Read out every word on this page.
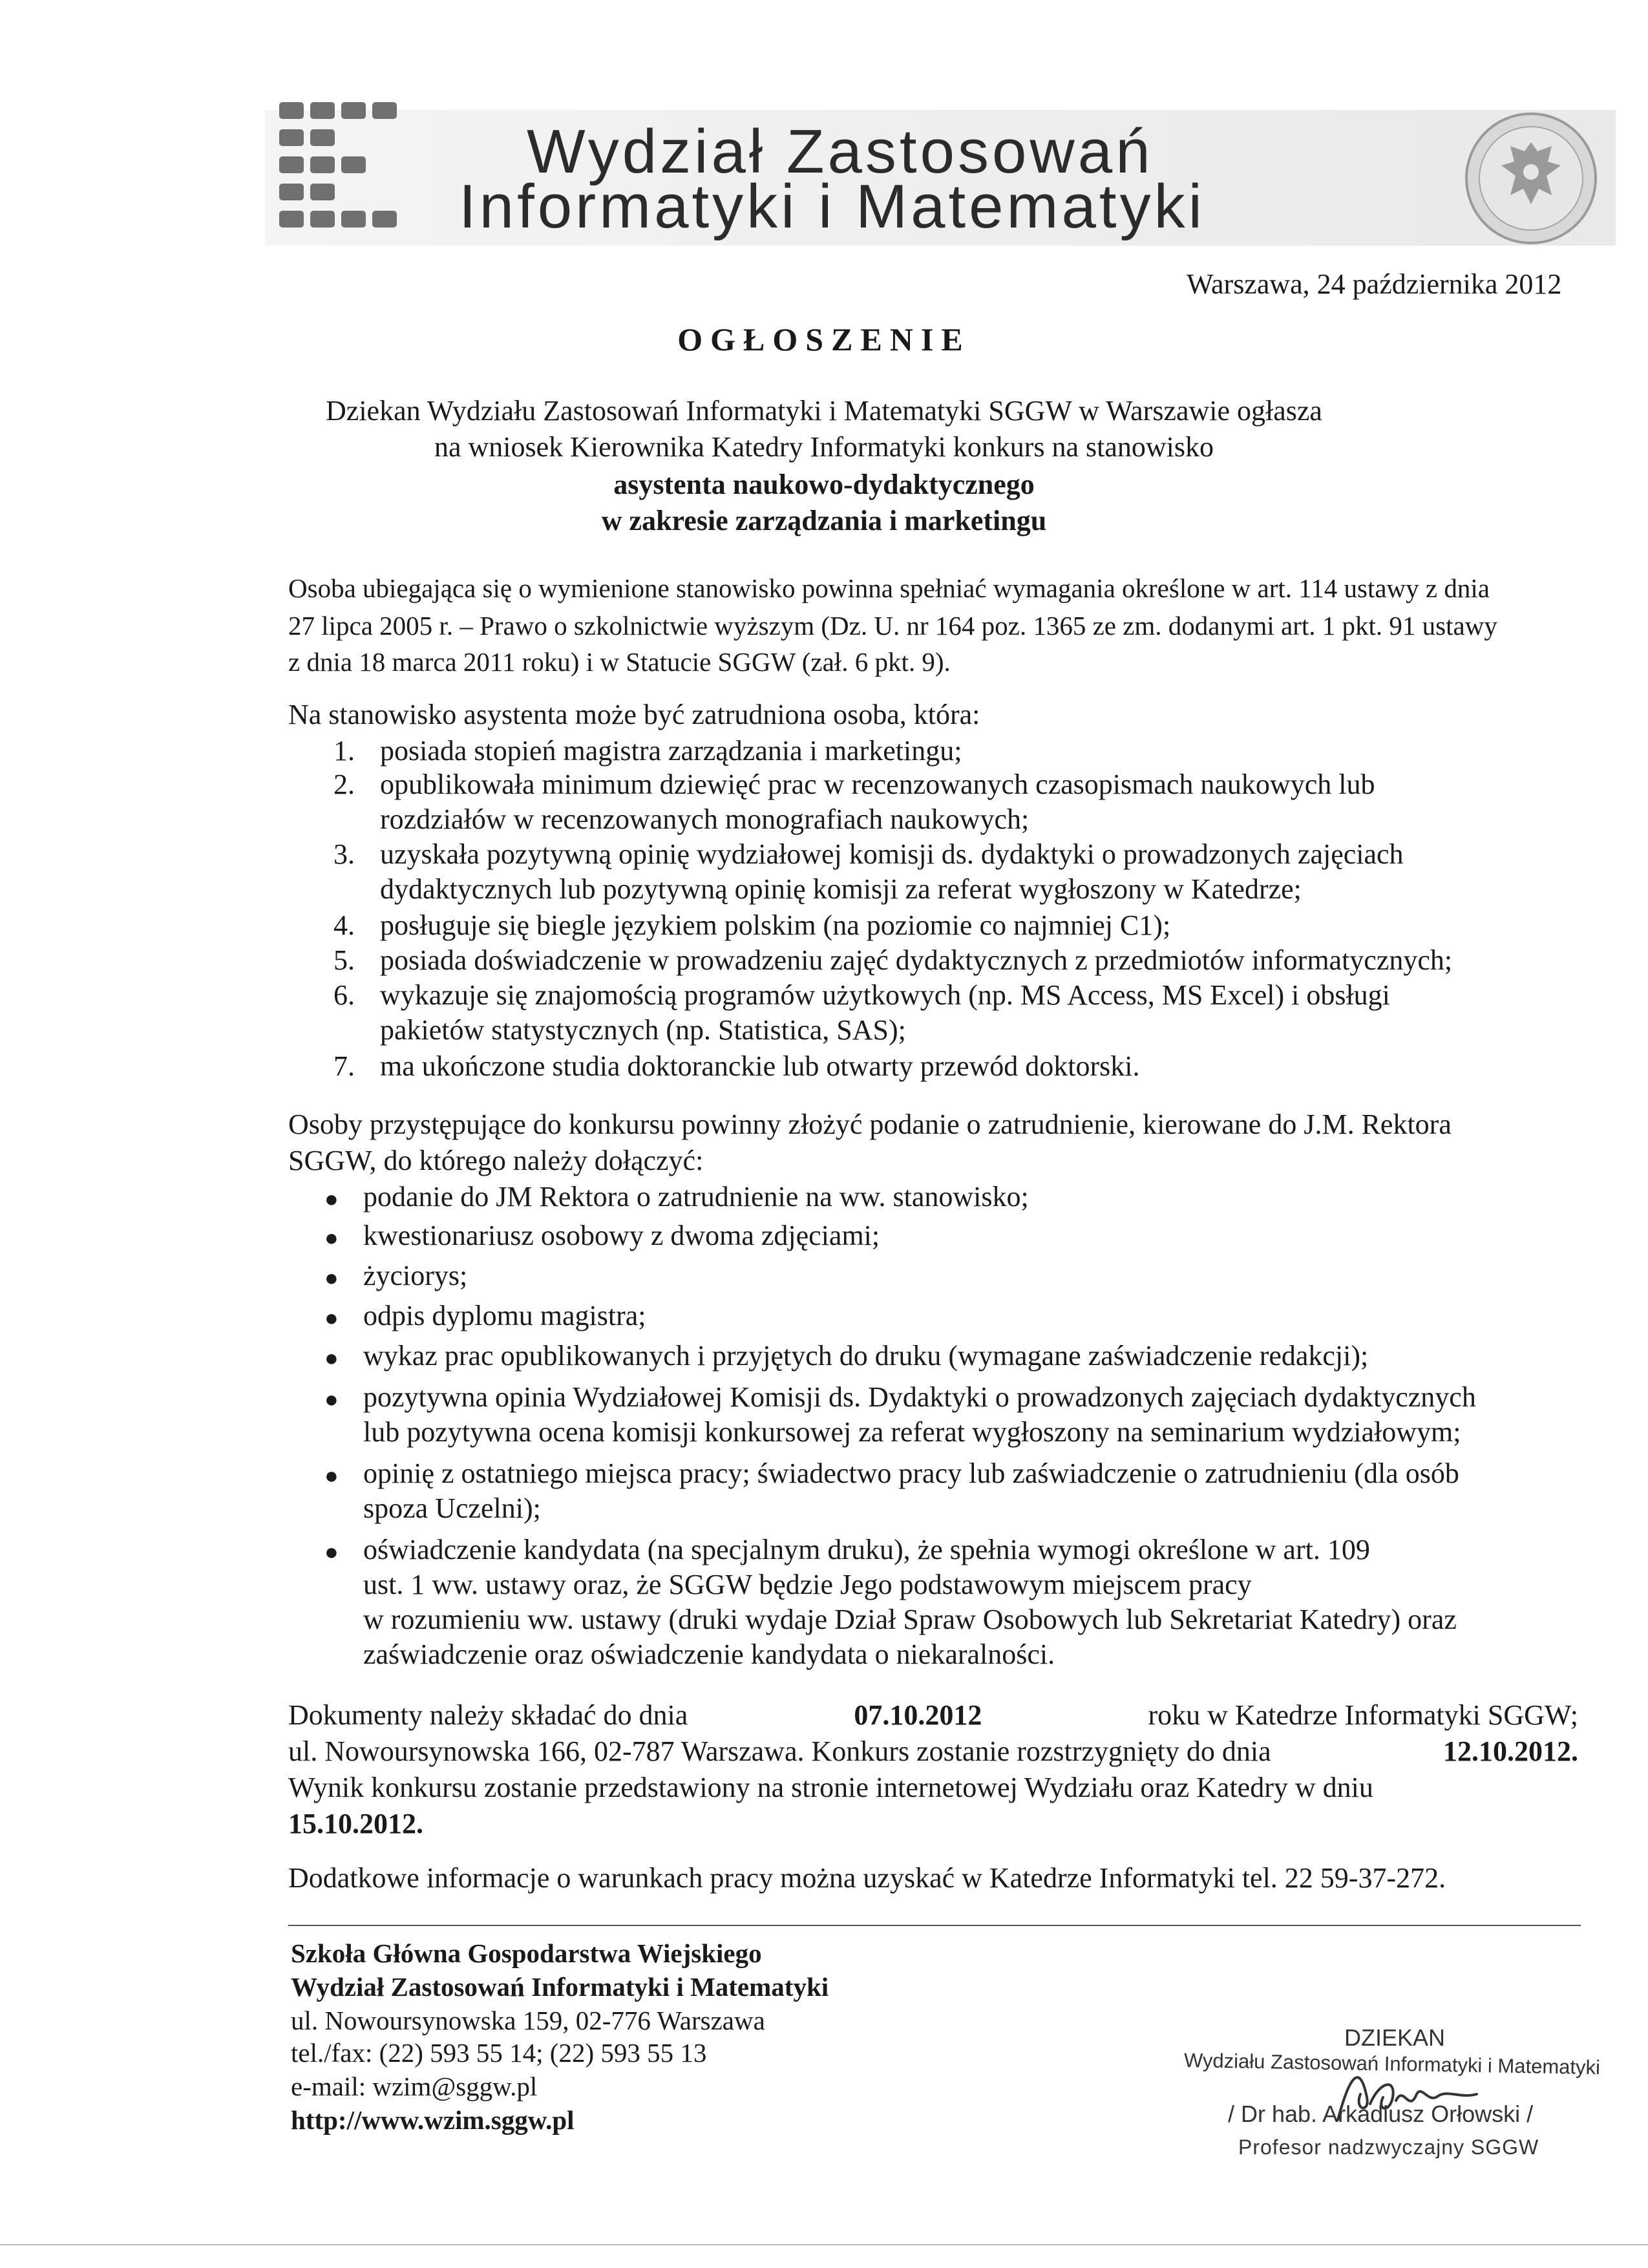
Wydział Zastosowań
Informatyki i Matematyki
Warszawa, 24 października 2012
OGŁOSZENIE
Dziekan Wydziału Zastosowań Informatyki i Matematyki SGGW w Warszawie ogłasza
na wniosek Kierownika Katedry Informatyki konkurs na stanowisko
asystenta naukowo-dydaktycznego
w zakresie zarządzania i marketingu
Osoba ubiegająca się o wymienione stanowisko powinna spełniać wymagania określone w art. 114 ustawy z dnia
27 lipca 2005 r. – Prawo o szkolnictwie wyższym (Dz. U. nr 164 poz. 1365 ze zm. dodanymi art. 1 pkt. 91 ustawy
z dnia 18 marca 2011 roku) i w Statucie SGGW (zał. 6 pkt. 9).
Na stanowisko asystenta może być zatrudniona osoba, która:
1. posiada stopień magistra zarządzania i marketingu;
2. opublikowała minimum dziewięć prac w recenzowanych czasopismach naukowych lub
rozdziałów w recenzowanych monografiach naukowych;
3. uzyskała pozytywną opinię wydziałowej komisji ds. dydaktyki o prowadzonych zajęciach
dydaktycznych lub pozytywną opinię komisji za referat wygłoszony w Katedrze;
4. posługuje się biegle językiem polskim (na poziomie co najmniej C1);
5. posiada doświadczenie w prowadzeniu zajęć dydaktycznych z przedmiotów informatycznych;
6. wykazuje się znajomością programów użytkowych (np. MS Access, MS Excel) i obsługi
pakietów statystycznych (np. Statistica, SAS);
7. ma ukończone studia doktoranckie lub otwarty przewód doktorski.
Osoby przystępujące do konkursu powinny złożyć podanie o zatrudnienie, kierowane do J.M. Rektora
SGGW, do którego należy dołączyć:
● podanie do JM Rektora o zatrudnienie na ww. stanowisko;
● kwestionariusz osobowy z dwoma zdjęciami;
● życiorys;
● odpis dyplomu magistra;
● wykaz prac opublikowanych i przyjętych do druku (wymagane zaświadczenie redakcji);
● pozytywna opinia Wydziałowej Komisji ds. Dydaktyki o prowadzonych zajęciach dydaktycznych
lub pozytywna ocena komisji konkursowej za referat wygłoszony na seminarium wydziałowym;
● opinię z ostatniego miejsca pracy; świadectwo pracy lub zaświadczenie o zatrudnieniu (dla osób
spoza Uczelni);
● oświadczenie kandydata (na specjalnym druku), że spełnia wymogi określone w art. 109
ust. 1 ww. ustawy oraz, że SGGW będzie Jego podstawowym miejscem pracy
w rozumieniu ww. ustawy (druki wydaje Dział Spraw Osobowych lub Sekretariat Katedry) oraz
zaświadczenie oraz oświadczenie kandydata o niekaralności.
Dokumenty należy składać do dnia	07.10.2012	roku w Katedrze Informatyki SGGW;
ul. Nowoursynowska 166, 02-787 Warszawa. Konkurs zostanie rozstrzygnięty do dnia	12.10.2012.
Wynik konkursu zostanie przedstawiony na stronie internetowej Wydziału oraz Katedry w dniu
15.10.2012.
Dodatkowe informacje o warunkach pracy można uzyskać w Katedrze Informatyki tel. 22 59-37-272.
Szkoła Główna Gospodarstwa Wiejskiego
Wydział Zastosowań Informatyki i Matematyki
ul. Nowoursynowska 159, 02-776 Warszawa
tel./fax: (22) 593 55 14; (22) 593 55 13
e-mail: wzim@sggw.pl
http://www.wzim.sggw.pl
DZIEKAN
Wydziału Zastosowań Informatyki i Matematyki
/ Dr hab. Arkadiusz Orłowski /
Profesor nadzwyczajny SGGW
